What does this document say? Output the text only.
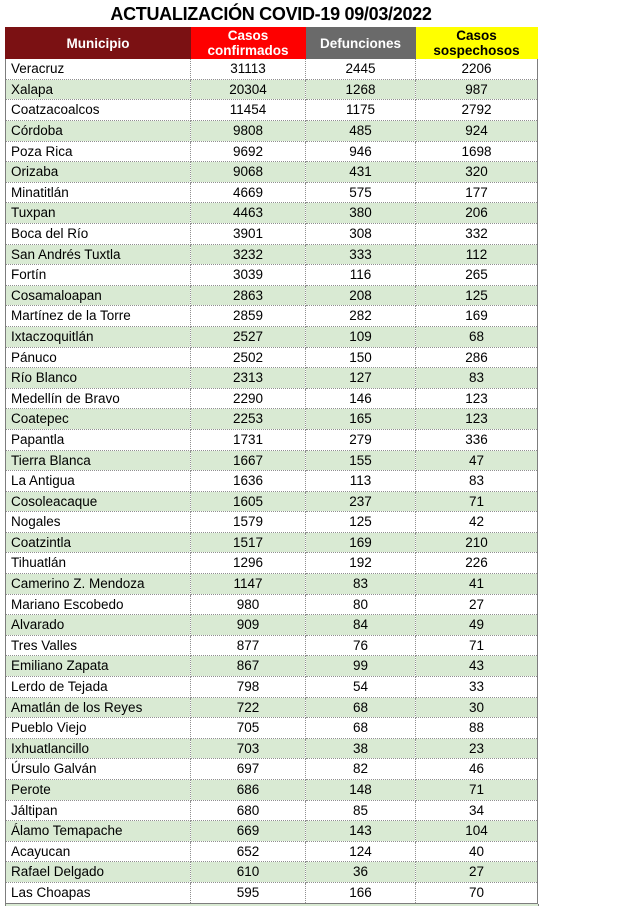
ACTUALIZACIÓN COVID-19 09/03/2022
Municipio	Casos confirmados	Defunciones	Casos sospechosos
Veracruz	31113	2445	2206
Xalapa	20304	1268	987
Coatzacoalcos	11454	1175	2792
Córdoba	9808	485	924
Poza Rica	9692	946	1698
Orizaba	9068	431	320
Minatitlán	4669	575	177
Tuxpan	4463	380	206
Boca del Río	3901	308	332
San Andrés Tuxtla	3232	333	112
Fortín	3039	116	265
Cosamaloapan	2863	208	125
Martínez de la Torre	2859	282	169
Ixtaczoquitlán	2527	109	68
Pánuco	2502	150	286
Río Blanco	2313	127	83
Medellín de Bravo	2290	146	123
Coatepec	2253	165	123
Papantla	1731	279	336
Tierra Blanca	1667	155	47
La Antigua	1636	113	83
Cosoleacaque	1605	237	71
Nogales	1579	125	42
Coatzintla	1517	169	210
Tihuatlán	1296	192	226
Camerino Z. Mendoza	1147	83	41
Mariano Escobedo	980	80	27
Alvarado	909	84	49
Tres Valles	877	76	71
Emiliano Zapata	867	99	43
Lerdo de Tejada	798	54	33
Amatlán de los Reyes	722	68	30
Pueblo Viejo	705	68	88
Ixhuatlancillo	703	38	23
Úrsulo Galván	697	82	46
Perote	686	148	71
Jáltipan	680	85	34
Álamo Temapache	669	143	104
Acayucan	652	124	40
Rafael Delgado	610	36	27
Las Choapas	595	166	70
